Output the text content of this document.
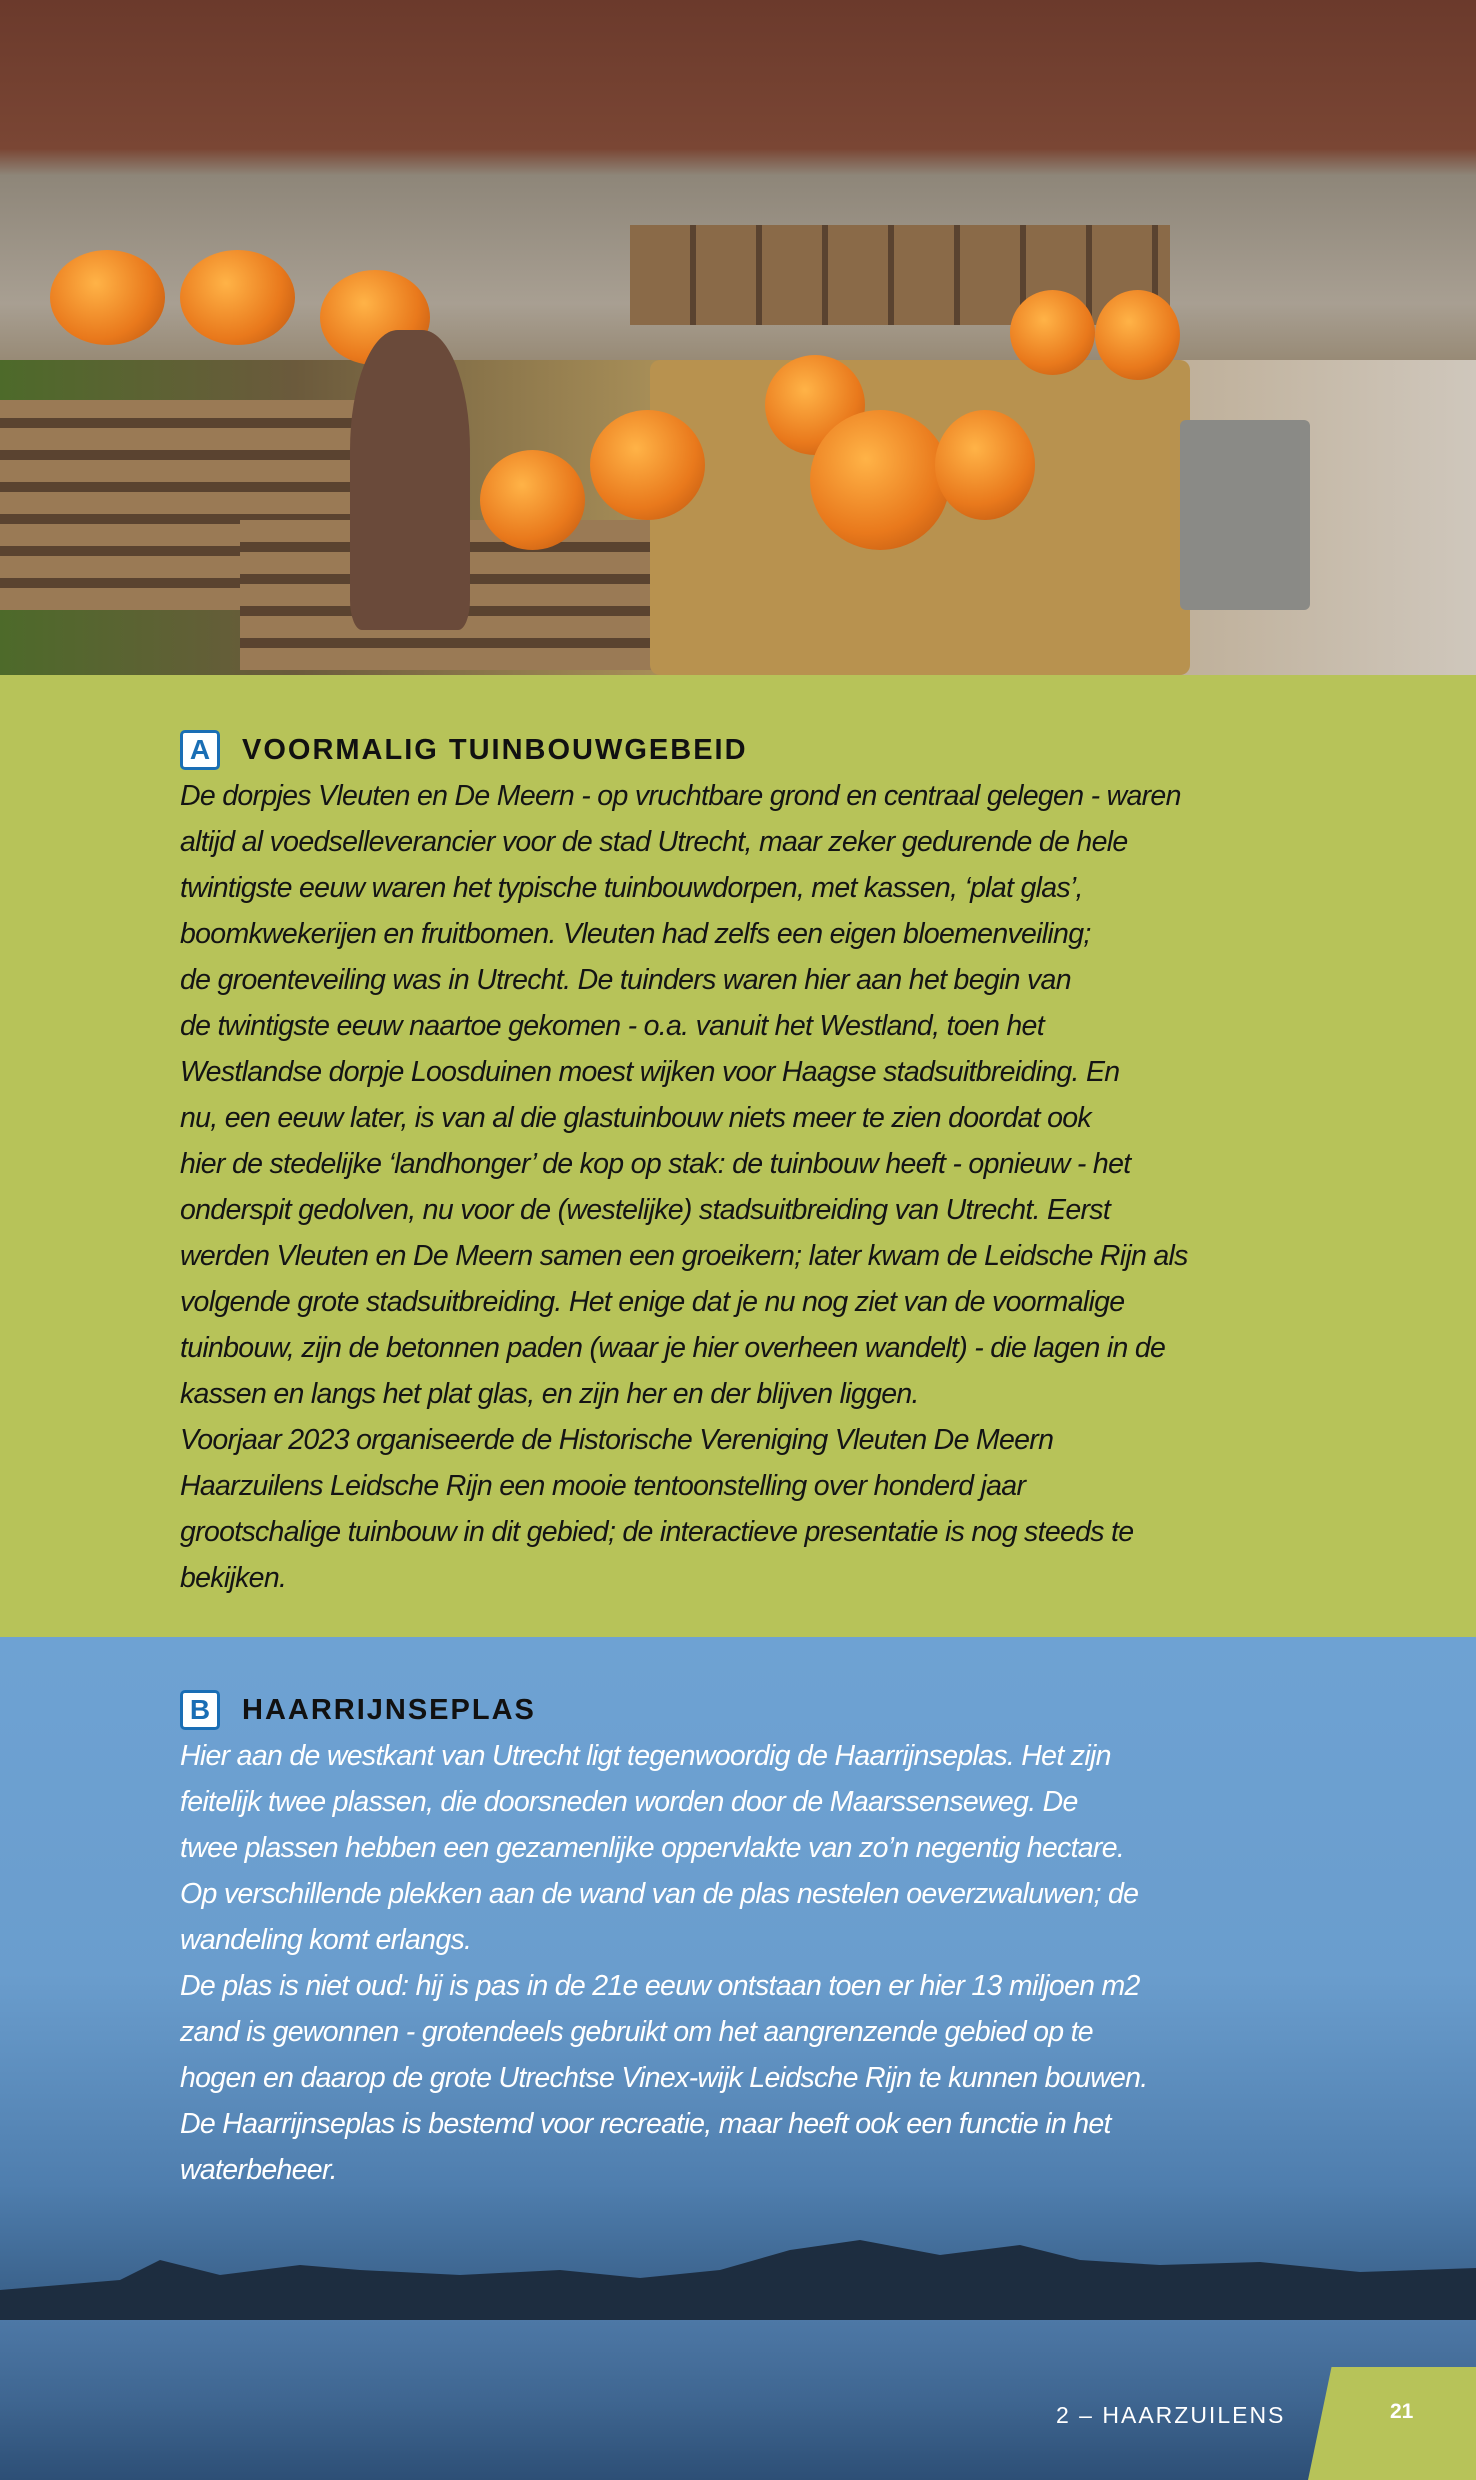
A	VOORMALIG TUINBOUWGEBEID
De dorpjes Vleuten en De Meern - op vruchtbare grond en centraal gelegen - waren
altijd al voedselleverancier voor de stad Utrecht, maar zeker gedurende de hele
twintigste eeuw waren het typische tuinbouwdorpen, met kassen, ‘plat glas’,
boomkwekerijen en fruitbomen. Vleuten had zelfs een eigen bloemenveiling;
de groenteveiling was in Utrecht. De tuinders waren hier aan het begin van
de twintigste eeuw naartoe gekomen - o.a. vanuit het Westland, toen het
Westlandse dorpje Loosduinen moest wijken voor Haagse stadsuitbreiding. En
nu, een eeuw later, is van al die glastuinbouw niets meer te zien doordat ook
hier de stedelijke ‘landhonger’ de kop op stak: de tuinbouw heeft - opnieuw - het
onderspit gedolven, nu voor de (westelijke) stadsuitbreiding van Utrecht. Eerst
werden Vleuten en De Meern samen een groeikern; later kwam de Leidsche Rijn als
volgende grote stadsuitbreiding. Het enige dat je nu nog ziet van de voormalige
tuinbouw, zijn de betonnen paden (waar je hier overheen wandelt) - die lagen in de
kassen en langs het plat glas, en zijn her en der blijven liggen.
Voorjaar 2023 organiseerde de Historische Vereniging Vleuten De Meern
Haarzuilens Leidsche Rijn een mooie tentoonstelling over honderd jaar
grootschalige tuinbouw in dit gebied; de interactieve presentatie is nog steeds te
bekijken.
B	HAARRIJNSEPLAS
Hier aan de westkant van Utrecht ligt tegenwoordig de Haarrijnseplas. Het zijn
feitelijk twee plassen, die doorsneden worden door de Maarssenseweg. De
twee plassen hebben een gezamenlijke oppervlakte van zo’n negentig hectare.
Op verschillende plekken aan de wand van de plas nestelen oeverzwaluwen; de
wandeling komt erlangs.
De plas is niet oud: hij is pas in de 21e eeuw ontstaan toen er hier 13 miljoen m2
zand is gewonnen - grotendeels gebruikt om het aangrenzende gebied op te
hogen en daarop de grote Utrechtse Vinex-wijk Leidsche Rijn te kunnen bouwen.
De Haarrijnseplas is bestemd voor recreatie, maar heeft ook een functie in het
waterbeheer.
2 – HAARZUILENS	21
